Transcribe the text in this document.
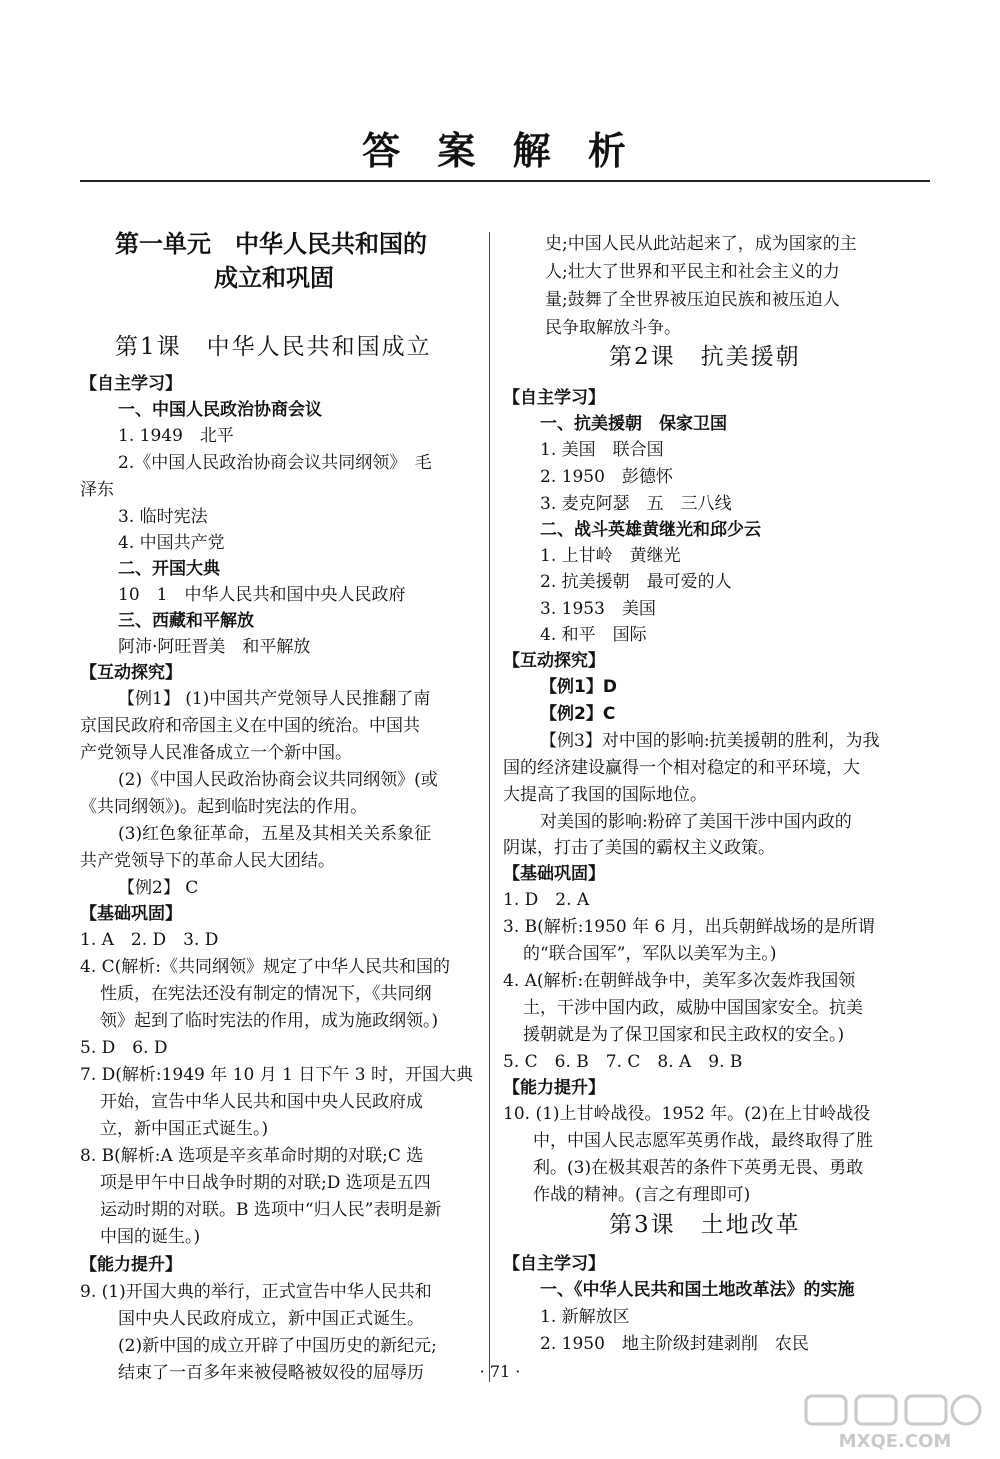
答 案 解 析
第一单元　中华人民共和国的
成立和巩固
第1课　中华人民共和国成立
【自主学习】
一、中国人民政治协商会议
1. 1949　北平
2.《中国人民政治协商会议共同纲领》　毛
泽东
3. 临时宪法
4. 中国共产党
二、开国大典
10　1　中华人民共和国中央人民政府
三、西藏和平解放
阿沛·阿旺晋美　和平解放
【互动探究】
【例1】 (1)中国共产党领导人民推翻了南
京国民政府和帝国主义在中国的统治。中国共
产党领导人民准备成立一个新中国。
(2)《中国人民政治协商会议共同纲领》(或
《共同纲领》)。起到临时宪法的作用。
(3)红色象征革命，五星及其相关关系象征
共产党领导下的革命人民大团结。
【例2】 C
【基础巩固】
1. A　2. D　3. D
4. C(解析:《共同纲领》规定了中华人民共和国的
性质，在宪法还没有制定的情况下，《共同纲
领》起到了临时宪法的作用，成为施政纲领。)
5. D　6. D
7. D(解析:1949 年 10 月 1 日下午 3 时，开国大典
开始，宣告中华人民共和国中央人民政府成
立，新中国正式诞生。)
8. B(解析:A 选项是辛亥革命时期的对联;C 选
项是甲午中日战争时期的对联;D 选项是五四
运动时期的对联。B 选项中“归人民”表明是新
中国的诞生。)
【能力提升】
9. (1)开国大典的举行，正式宣告中华人民共和
国中央人民政府成立，新中国正式诞生。
(2)新中国的成立开辟了中国历史的新纪元;
结束了一百多年来被侵略被奴役的屈辱历
史;中国人民从此站起来了，成为国家的主
人;壮大了世界和平民主和社会主义的力
量;鼓舞了全世界被压迫民族和被压迫人
民争取解放斗争。
第2课　抗美援朝
【自主学习】
一、抗美援朝　保家卫国
1. 美国　联合国
2. 1950　彭德怀
3. 麦克阿瑟　五　三八线
二、战斗英雄黄继光和邱少云
1. 上甘岭　黄继光
2. 抗美援朝　最可爱的人
3. 1953　美国
4. 和平　国际
【互动探究】
【例1】D
【例2】C
【例3】对中国的影响:抗美援朝的胜利，为我
国的经济建设赢得一个相对稳定的和平环境，大
大提高了我国的国际地位。
对美国的影响:粉碎了美国干涉中国内政的
阴谋，打击了美国的霸权主义政策。
【基础巩固】
1. D　2. A
3. B(解析:1950 年 6 月，出兵朝鲜战场的是所谓
的“联合国军”，军队以美军为主。)
4. A(解析:在朝鲜战争中，美军多次轰炸我国领
土，干涉中国内政，威胁中国国家安全。抗美
援朝就是为了保卫国家和民主政权的安全。)
5. C　6. B　7. C　8. A　9. B
【能力提升】
10. (1)上甘岭战役。1952 年。(2)在上甘岭战役
中，中国人民志愿军英勇作战，最终取得了胜
利。(3)在极其艰苦的条件下英勇无畏、勇敢
作战的精神。(言之有理即可)
第3课　土地改革
【自主学习】
一、《中华人民共和国土地改革法》的实施
1. 新解放区
2. 1950　地主阶级封建剥削　农民
· 71 ·
MXQE.COM
